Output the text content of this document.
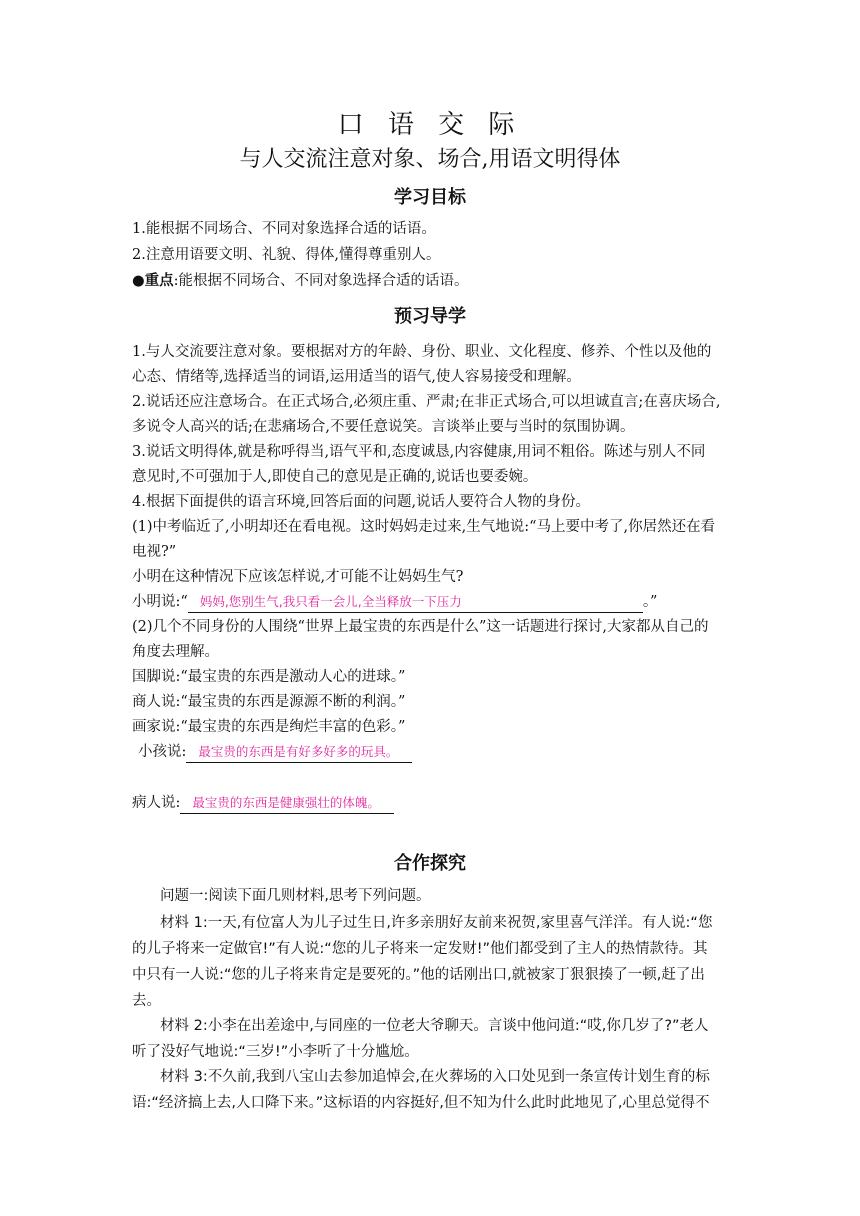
口 语 交 际
与人交流注意对象、场合,用语文明得体
学习目标
1.能根据不同场合、不同对象选择合适的话语。
2.注意用语要文明、礼貌、得体,懂得尊重别人。
●重点:能根据不同场合、不同对象选择合适的话语。
预习导学
1.与人交流要注意对象。要根据对方的年龄、身份、职业、文化程度、修养、个性以及他的
心态、情绪等,选择适当的词语,运用适当的语气,使人容易接受和理解。
2.说话还应注意场合。在正式场合,必须庄重、严肃;在非正式场合,可以坦诚直言;在喜庆场合,
多说令人高兴的话;在悲痛场合,不要任意说笑。言谈举止要与当时的氛围协调。
3.说话文明得体,就是称呼得当,语气平和,态度诚恳,内容健康,用词不粗俗。陈述与别人不同
意见时,不可强加于人,即使自己的意见是正确的,说话也要委婉。
4.根据下面提供的语言环境,回答后面的问题,说话人要符合人物的身份。
(1)中考临近了,小明却还在看电视。这时妈妈走过来,生气地说:“马上要中考了,你居然还在看
电视?”
小明在这种情况下应该怎样说,才可能不让妈妈生气?
小明说:“ 妈妈,您别生气,我只看一会儿,全当释放一下压力	。”
(2)几个不同身份的人围绕“世界上最宝贵的东西是什么”这一话题进行探讨,大家都从自己的
角度去理解。
国脚说:“最宝贵的东西是激动人心的进球。”
商人说:“最宝贵的东西是源源不断的利润。”
画家说:“最宝贵的东西是绚烂丰富的色彩。”
小孩说: 最宝贵的东西是有好多好多的玩具。
病人说: 最宝贵的东西是健康强壮的体魄。
合作探究
问题一:阅读下面几则材料,思考下列问题。
材料 1:一天,有位富人为儿子过生日,许多亲朋好友前来祝贺,家里喜气洋洋。有人说:“您
的儿子将来一定做官!”有人说:“您的儿子将来一定发财!”他们都受到了主人的热情款待。其
中只有一人说:“您的儿子将来肯定是要死的。”他的话刚出口,就被家丁狠狠揍了一顿,赶了出
去。
材料 2:小李在出差途中,与同座的一位老大爷聊天。言谈中他问道:“哎,你几岁了?”老人
听了没好气地说:“三岁!”小李听了十分尴尬。
材料 3:不久前,我到八宝山去参加追悼会,在火葬场的入口处见到一条宣传计划生育的标
语:“经济搞上去,人口降下来。”这标语的内容挺好,但不知为什么此时此地见了,心里总觉得不
